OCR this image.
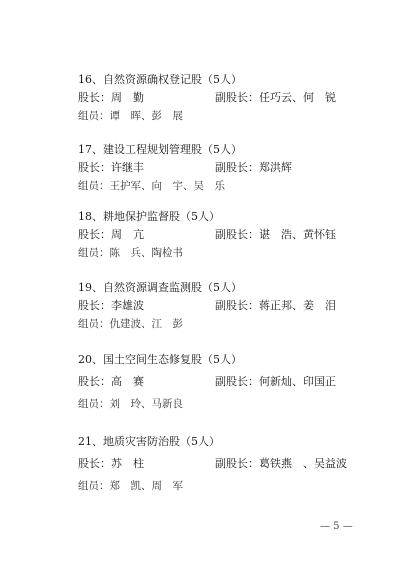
16、自然资源确权登记股（5人）
股长：周　勤	副股长：任巧云、何　锐
组员：谭　晖、彭　展
17、建设工程规划管理股（5人）
股长：许继丰	副股长：郑洪辉
组员：王护军、向　宇、吴　乐
18、耕地保护监督股（5人）
股长：周　亢	副股长：谌　浩、黄怀钰
组员：陈　兵、陶检书
19、自然资源调查监测股（5人）
股长：李雄波	副股长：蒋正邦、姜　泪
组员：仇建波、江　彭
20、国土空间生态修复股（5人）
股长：高　赛	副股长：何新灿、印国正
组员：刘　玲、马新良
21、地质灾害防治股（5人）
股长：苏　柱	副股长：葛铁燕　、吴益波
组员：郑　凯、周　军
— 5 —
